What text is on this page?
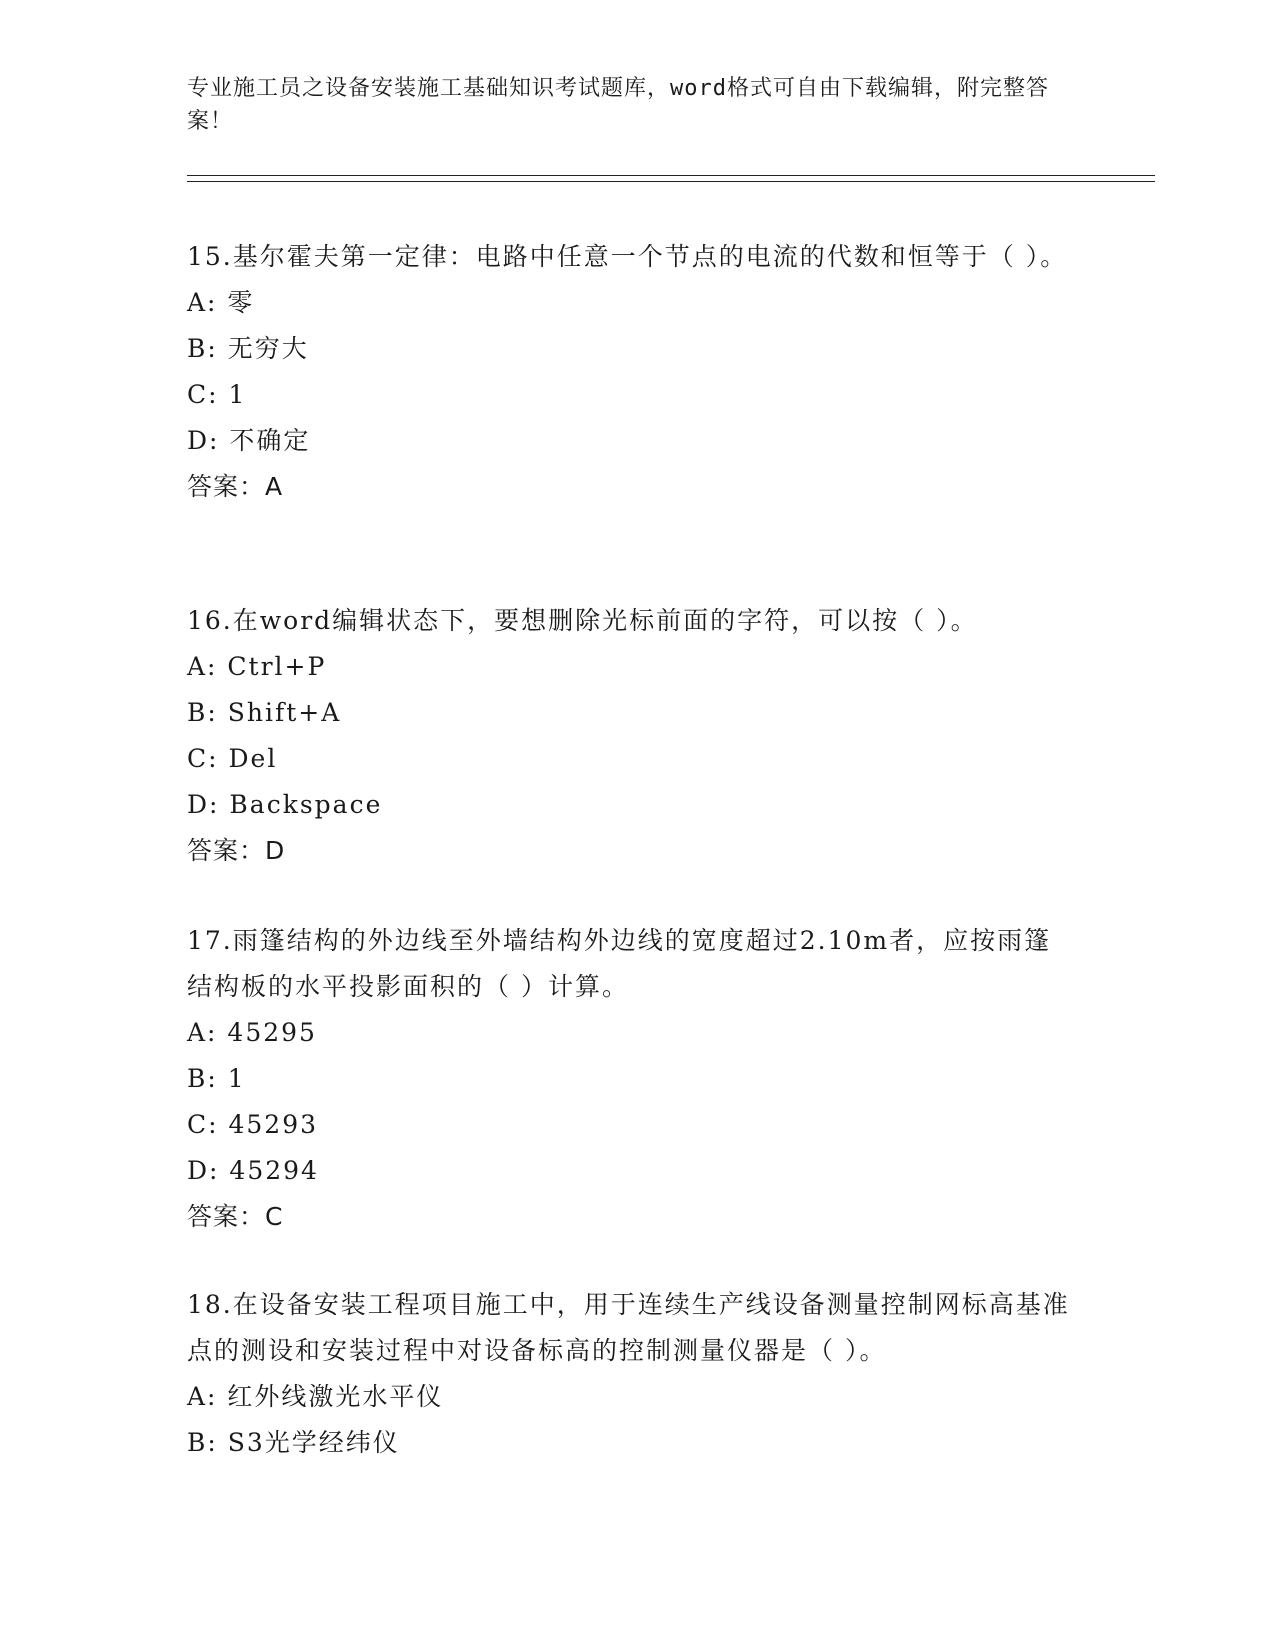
专业施工员之设备安装施工基础知识考试题库，word格式可自由下载编辑，附完整答案！

15.基尔霍夫第一定律：电路中任意一个节点的电流的代数和恒等于（ ）。

A: 零

B: 无穷大

C: 1

D: 不确定

答案：A

16.在word编辑状态下，要想删除光标前面的字符，可以按（ ）。

A: Ctrl+P

B: Shift+A

C: Del

D: Backspace

答案：D

17.雨篷结构的外边线至外墙结构外边线的宽度超过2.10m者，应按雨篷结构板的水平投影面积的（ ）计算。

A: 45295

B: 1

C: 45293

D: 45294

答案：C

18.在设备安装工程项目施工中，用于连续生产线设备测量控制网标高基准点的测设和安装过程中对设备标高的控制测量仪器是（ ）。

A: 红外线激光水平仪

B: S3光学经纬仪
